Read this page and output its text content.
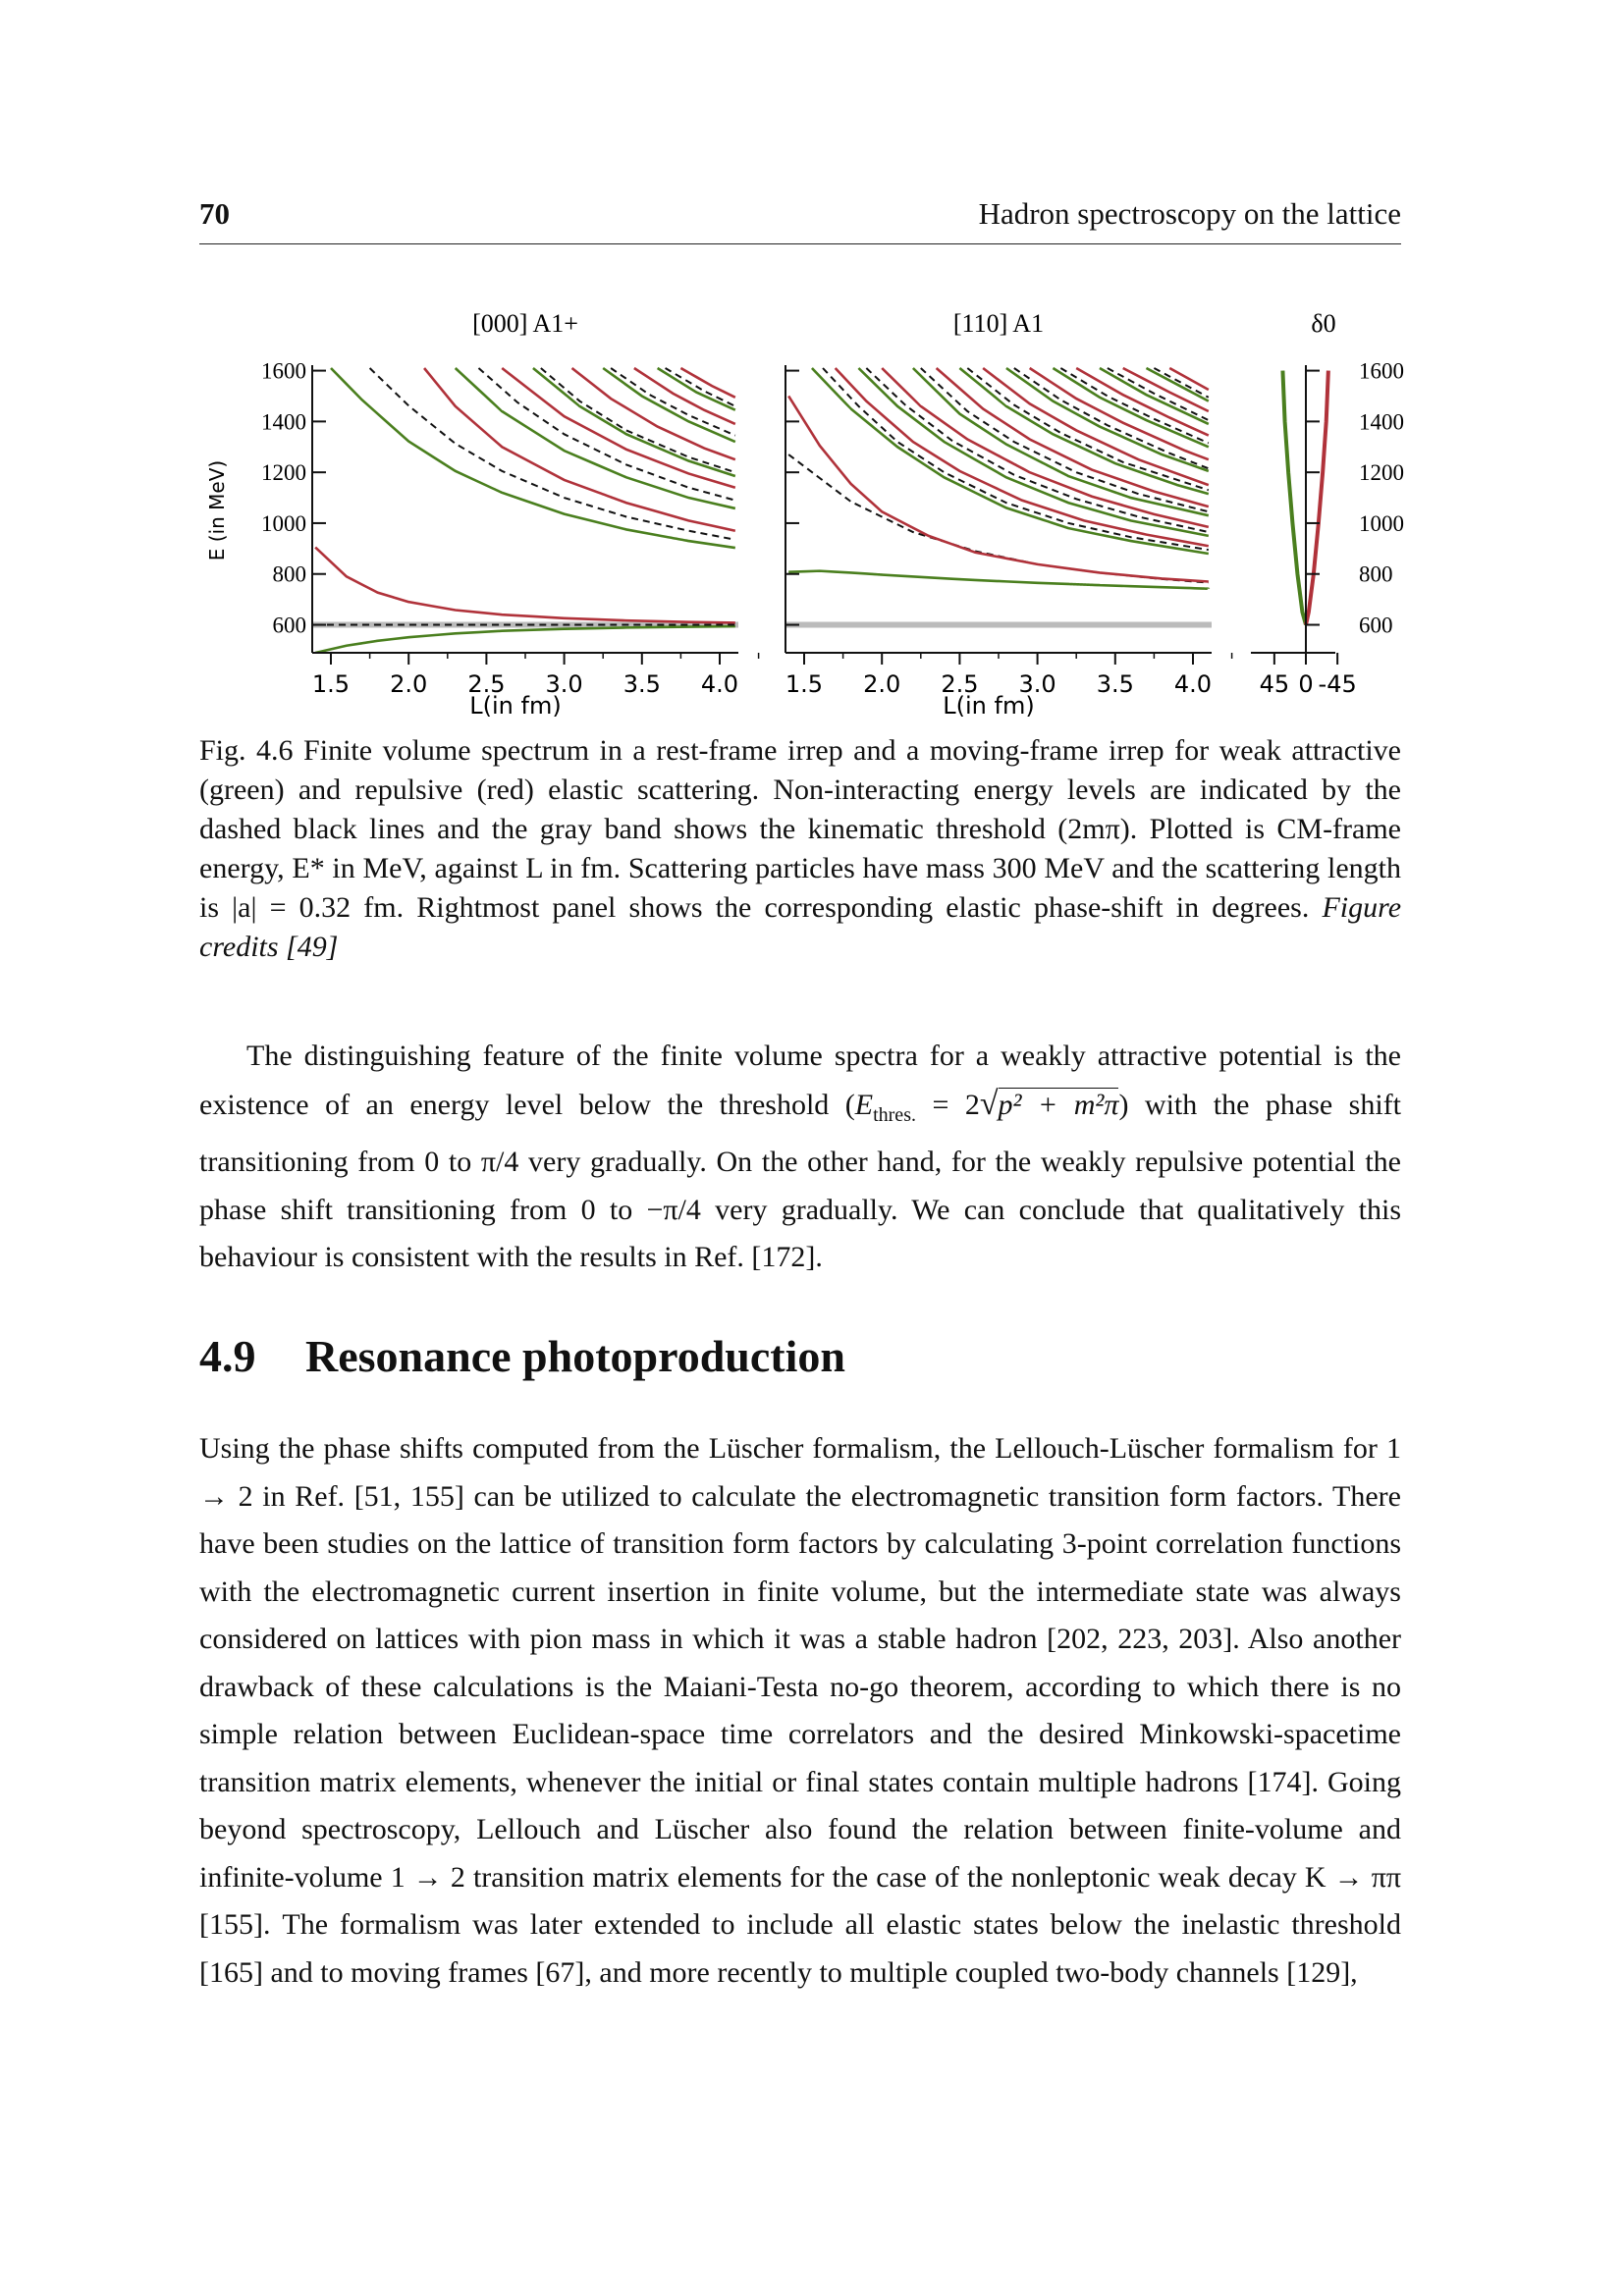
70	Hadron spectroscopy on the lattice
600
800
1000
1200
1400
1600
1.5 2.0 2.5 3.0 3.5 4.0
L(in fm)
E (in MeV)
[000] A1+
1.5 2.0 2.5 3.0 3.5 4.0
L(in fm)
[110] A1
600
800
1000
1200
1400
1600
45 0 -45
δ0
Fig. 4.6 Finite volume spectrum in a rest-frame irrep and a moving-frame irrep for weak attractive (green) and repulsive (red) elastic scattering. Non-interacting energy levels are indicated by the dashed black lines and the gray band shows the kinematic threshold (2mπ). Plotted is CM-frame energy, E* in MeV, against L in fm. Scattering particles have mass 300 MeV and the scattering length is |a| = 0.32 fm. Rightmost panel shows the corresponding elastic phase-shift in degrees. Figure credits [49]

The distinguishing feature of the finite volume spectra for a weakly attractive potential is the existence of an energy level below the threshold $(E_{thres.} = 2√p^2 + m^2\pi)$ with the phase shift transitioning from 0 to π/4 very gradually. On the other hand, for the weakly repulsive potential the phase shift transitioning from 0 to −π/4 very gradually. We can conclude that qualitatively this behaviour is consistent with the results in Ref. [172].

4.9 Resonance photoproduction

Using the phase shifts computed from the Lüscher formalism, the Lellouch-Lüscher formalism for 1 → 2 in Ref. [51, 155] can be utilized to calculate the electromagnetic transition form factors. There have been studies on the lattice of transition form factors by calculating 3-point correlation functions with the electromagnetic current insertion in finite volume, but the intermediate state was always considered on lattices with pion mass in which it was a stable hadron [202, 223, 203]. Also another drawback of these calculations is the Maiani-Testa no-go theorem, according to which there is no simple relation between Euclidean-space time correlators and the desired Minkowski-spacetime transition matrix elements, whenever the initial or final states contain multiple hadrons [174]. Going beyond spectroscopy, Lellouch and Lüscher also found the relation between finite-volume and infinite-volume 1 → 2 transition matrix elements for the case of the nonleptonic weak decay K → ππ [155]. The formalism was later extended to include all elastic states below the inelastic threshold [165] and to moving frames [67], and more recently to multiple coupled two-body channels [129],
